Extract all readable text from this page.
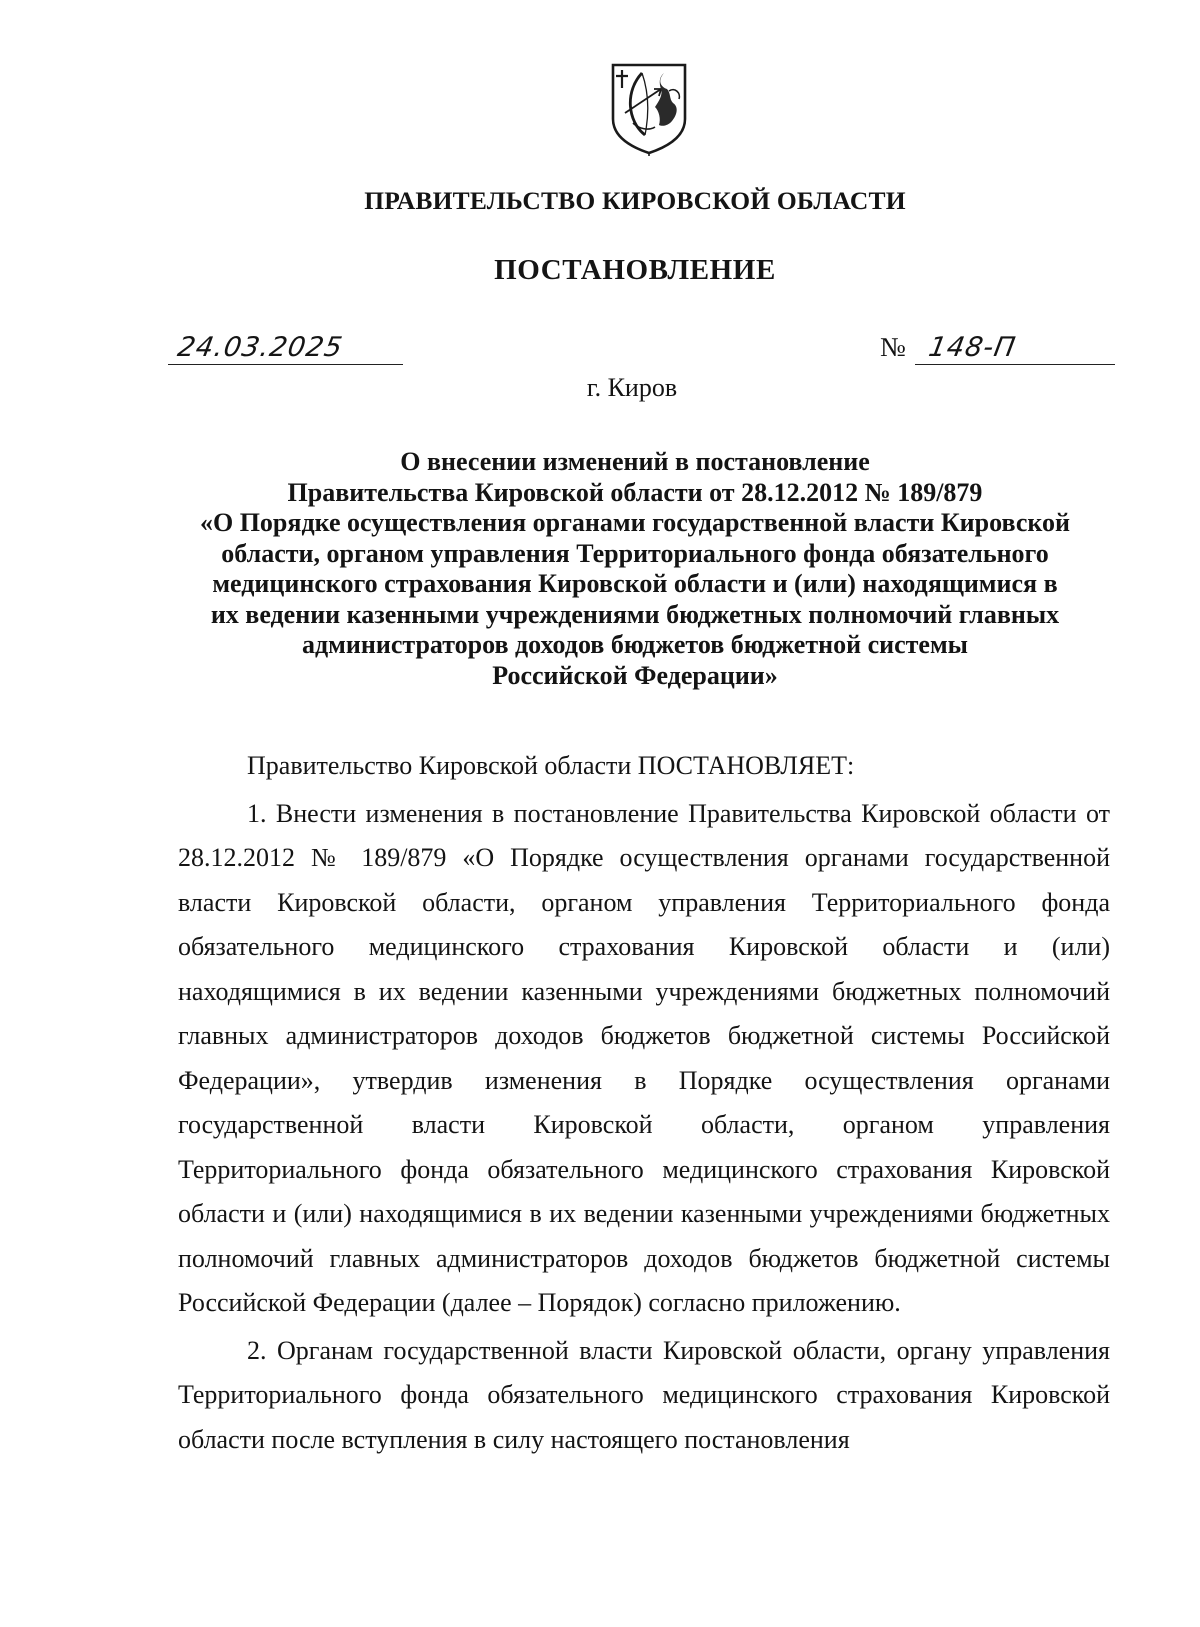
ПРАВИТЕЛЬСТВО КИРОВСКОЙ ОБЛАСТИ
ПОСТАНОВЛЕНИЕ
24.03.2025	№ 148-П
г. Киров
О внесении изменений в постановление
Правительства Кировской области от 28.12.2012 № 189/879
«О Порядке осуществления органами государственной власти Кировской
области, органом управления Территориального фонда обязательного
медицинского страхования Кировской области и (или) находящимися в
их ведении казенными учреждениями бюджетных полномочий главных
администраторов доходов бюджетов бюджетной системы
Российской Федерации»

Правительство Кировской области ПОСТАНОВЛЯЕТ:

1. Внести изменения в постановление Правительства Кировской области от 28.12.2012 № 189/879 «О Порядке осуществления органами государственной власти Кировской области, органом управления Территориального фонда обязательного медицинского страхования Кировской области и (или) находящимися в их ведении казенными учреждениями бюджетных полномочий главных администраторов доходов бюджетов бюджетной системы Российской Федерации», утвердив изменения в Порядке осуществления органами государственной власти Кировской области, органом управления Территориального фонда обязательного медицинского страхования Кировской области и (или) находящимися в их ведении казенными учреждениями бюджетных полномочий главных администраторов доходов бюджетов бюджетной системы Российской Федерации (далее – Порядок) согласно приложению.

2. Органам государственной власти Кировской области, органу управления Территориального фонда обязательного медицинского страхования Кировской области после вступления в силу настоящего постановления
